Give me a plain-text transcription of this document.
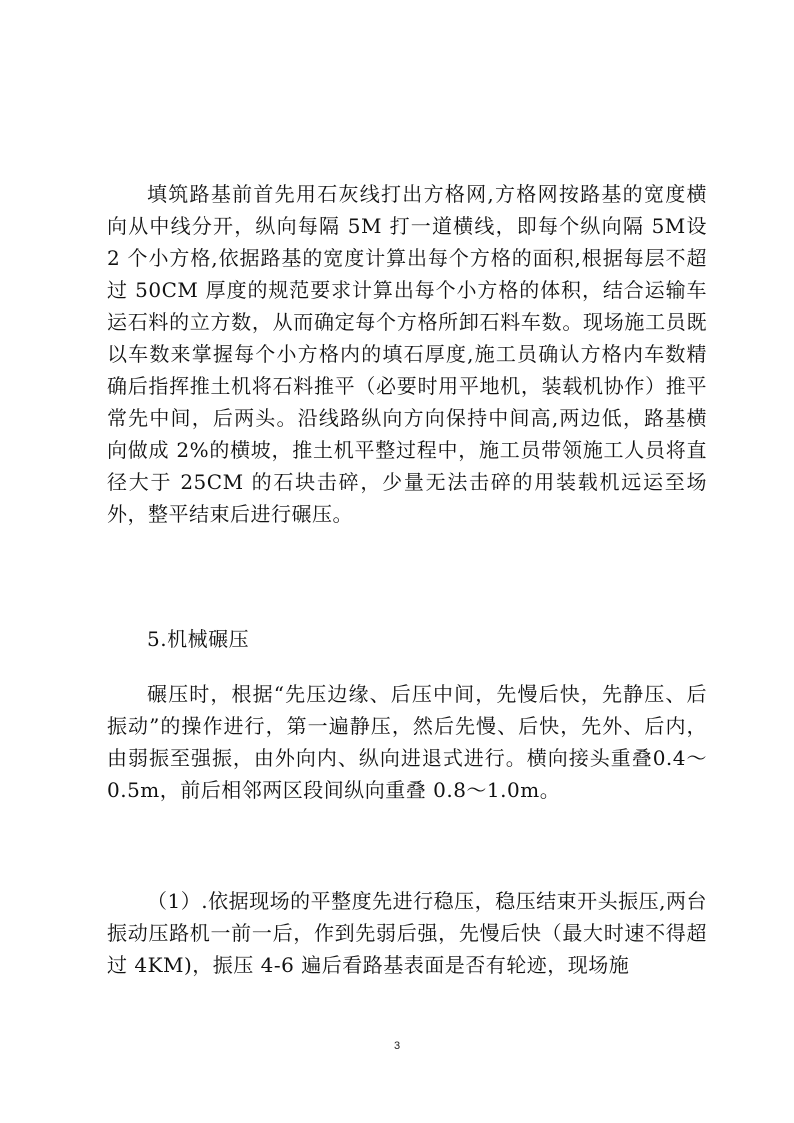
填筑路基前首先用石灰线打出方格网,方格网按路基的宽度横向从中线分开，纵向每隔 5M 打一道横线，即每个纵向隔 5M设 2 个小方格,依据路基的宽度计算出每个方格的面积,根据每层不超过 50CM 厚度的规范要求计算出每个小方格的体积，结合运输车运石料的立方数，从而确定每个方格所卸石料车数。现场施工员既以车数来掌握每个小方格内的填石厚度,施工员确认方格内车数精确后指挥推土机将石料推平（必要时用平地机，装载机协作）推平常先中间，后两头。沿线路纵向方向保持中间高,两边低，路基横向做成 2%的横坡，推土机平整过程中，施工员带领施工人员将直径大于 25CM 的石块击碎，少量无法击碎的用装载机远运至场外，整平结束后进行碾压。

5.机械碾压

碾压时，根据“先压边缘、后压中间，先慢后快，先静压、后振动”的操作进行，第一遍静压，然后先慢、后快，先外、后内，由弱振至强振，由外向内、纵向进退式进行。横向接头重叠0.4～0.5m，前后相邻两区段间纵向重叠 0.8～1.0m。

（1）.依据现场的平整度先进行稳压，稳压结束开头振压,两台振动压路机一前一后，作到先弱后强，先慢后快（最大时速不得超过 4KM)，振压 4-6 遍后看路基表面是否有轮迹，现场施

3
